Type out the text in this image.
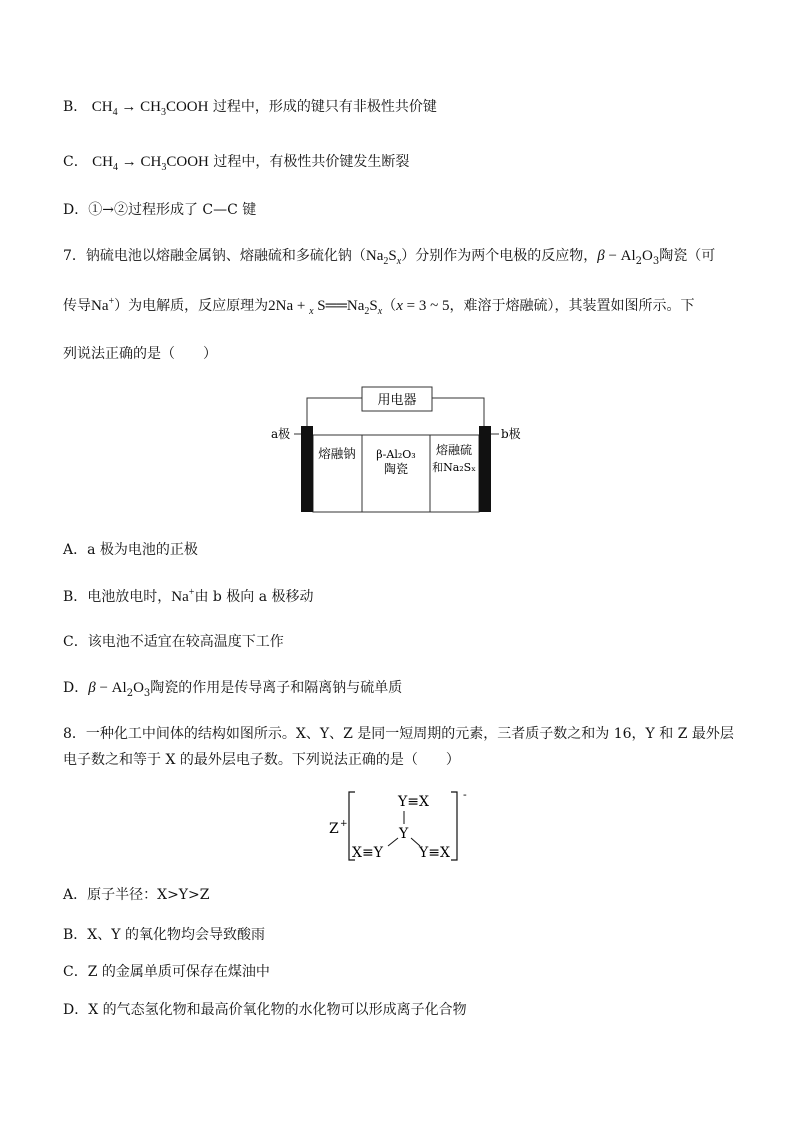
B． $CH_4$ → $CH_3COOH$ 过程中，形成的键只有非极性共价键
C． $CH_4$ → $CH_3COOH$ 过程中，有极性共价键发生断裂
D．①→②过程形成了 C—C 键
7．钠硫电池以熔融金属钠、熔融硫和多硫化钠$(Na_2S_x)$分别作为两个电极的反应物，$\beta - Al_2O_3$陶瓷（可
传导Na+）为电解质，反应原理为2Na + $_x$ $S══Na_2S_x(x = 3$ ~ 5，难溶于熔融硫），其装置如图所示。下
列说法正确的是（　　）
用电器
a极	b极
熔融钠 β-Al₂O₃
陶瓷
熔融硫
和Na₂Sₓ
A．a 极为电池的正极
B．电池放电时，Na+由 b 极向 a 极移动
C．该电池不适宜在较高温度下工作
D．$\beta - Al_2O_3$陶瓷的作用是传导离子和隔离钠与硫单质
8．一种化工中间体的结构如图所示。X、Y、Z 是同一短周期的元素，三者质子数之和为 16，Y 和 Z 最外层
电子数之和等于 X 的最外层电子数。下列说法正确的是（　　）
Z +
-
Y≡X
Y
X≡Y	Y≡X
A．原子半径：X>Y>Z
B．X、Y 的氧化物均会导致酸雨
C．Z 的金属单质可保存在煤油中
D．X 的气态氢化物和最高价氧化物的水化物可以形成离子化合物
